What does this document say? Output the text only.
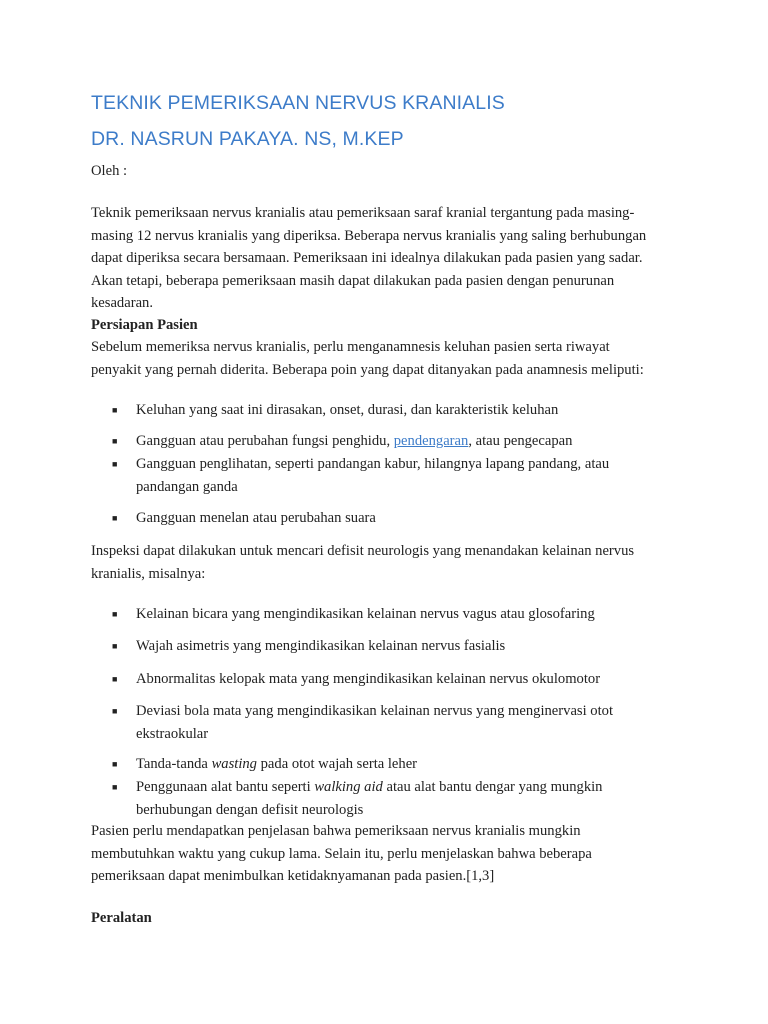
TEKNIK PEMERIKSAAN NERVUS KRANIALIS
DR. NASRUN PAKAYA. NS, M.KEP
Oleh :
Teknik pemeriksaan nervus kranialis atau pemeriksaan saraf kranial tergantung pada masing-
masing 12 nervus kranialis yang diperiksa. Beberapa nervus kranialis yang saling berhubungan
dapat diperiksa secara bersamaan. Pemeriksaan ini idealnya dilakukan pada pasien yang sadar.
Akan tetapi, beberapa pemeriksaan masih dapat dilakukan pada pasien dengan penurunan
kesadaran.
Persiapan Pasien
Sebelum memeriksa nervus kranialis, perlu menganamnesis keluhan pasien serta riwayat
penyakit yang pernah diderita. Beberapa poin yang dapat ditanyakan pada anamnesis meliputi:
■ Keluhan yang saat ini dirasakan, onset, durasi, dan karakteristik keluhan
■ Gangguan atau perubahan fungsi penghidu, pendengaran, atau pengecapan
■ Gangguan penglihatan, seperti pandangan kabur, hilangnya lapang pandang, atau
pandangan ganda
■ Gangguan menelan atau perubahan suara
Inspeksi dapat dilakukan untuk mencari defisit neurologis yang menandakan kelainan nervus
kranialis, misalnya:
■ Kelainan bicara yang mengindikasikan kelainan nervus vagus atau glosofaring
■ Wajah asimetris yang mengindikasikan kelainan nervus fasialis
■ Abnormalitas kelopak mata yang mengindikasikan kelainan nervus okulomotor
■ Deviasi bola mata yang mengindikasikan kelainan nervus yang menginervasi otot
ekstraokular
■ Tanda-tanda wasting pada otot wajah serta leher
■ Penggunaan alat bantu seperti walking aid atau alat bantu dengar yang mungkin
berhubungan dengan defisit neurologis
Pasien perlu mendapatkan penjelasan bahwa pemeriksaan nervus kranialis mungkin
membutuhkan waktu yang cukup lama. Selain itu, perlu menjelaskan bahwa beberapa
pemeriksaan dapat menimbulkan ketidaknyamanan pada pasien.[1,3]
Peralatan
